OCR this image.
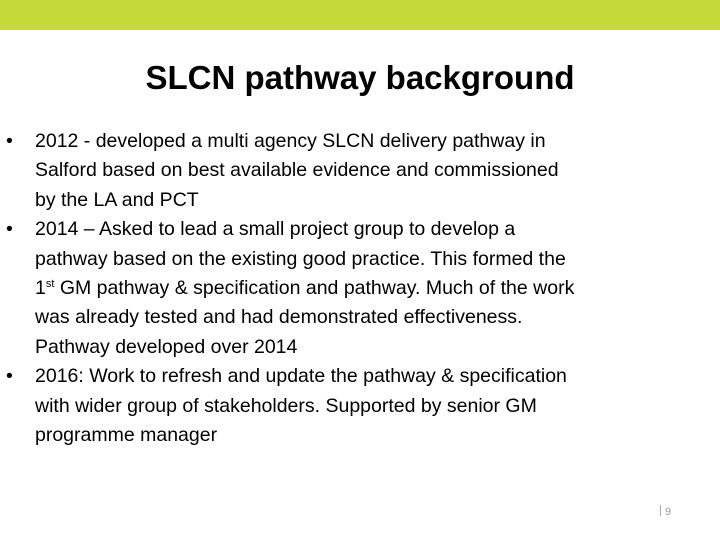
SLCN pathway background
• 2012 - developed a multi agency SLCN delivery pathway in
Salford based on best available evidence and commissioned
by the LA and PCT
• 2014 – Asked to lead a small project group to develop a
pathway based on the existing good practice. This formed the
1st GM pathway & specification and pathway. Much of the work
was already tested and had demonstrated effectiveness.
Pathway developed over 2014
• 2016: Work to refresh and update the pathway & specification
with wider group of stakeholders. Supported by senior GM
programme manager
9
